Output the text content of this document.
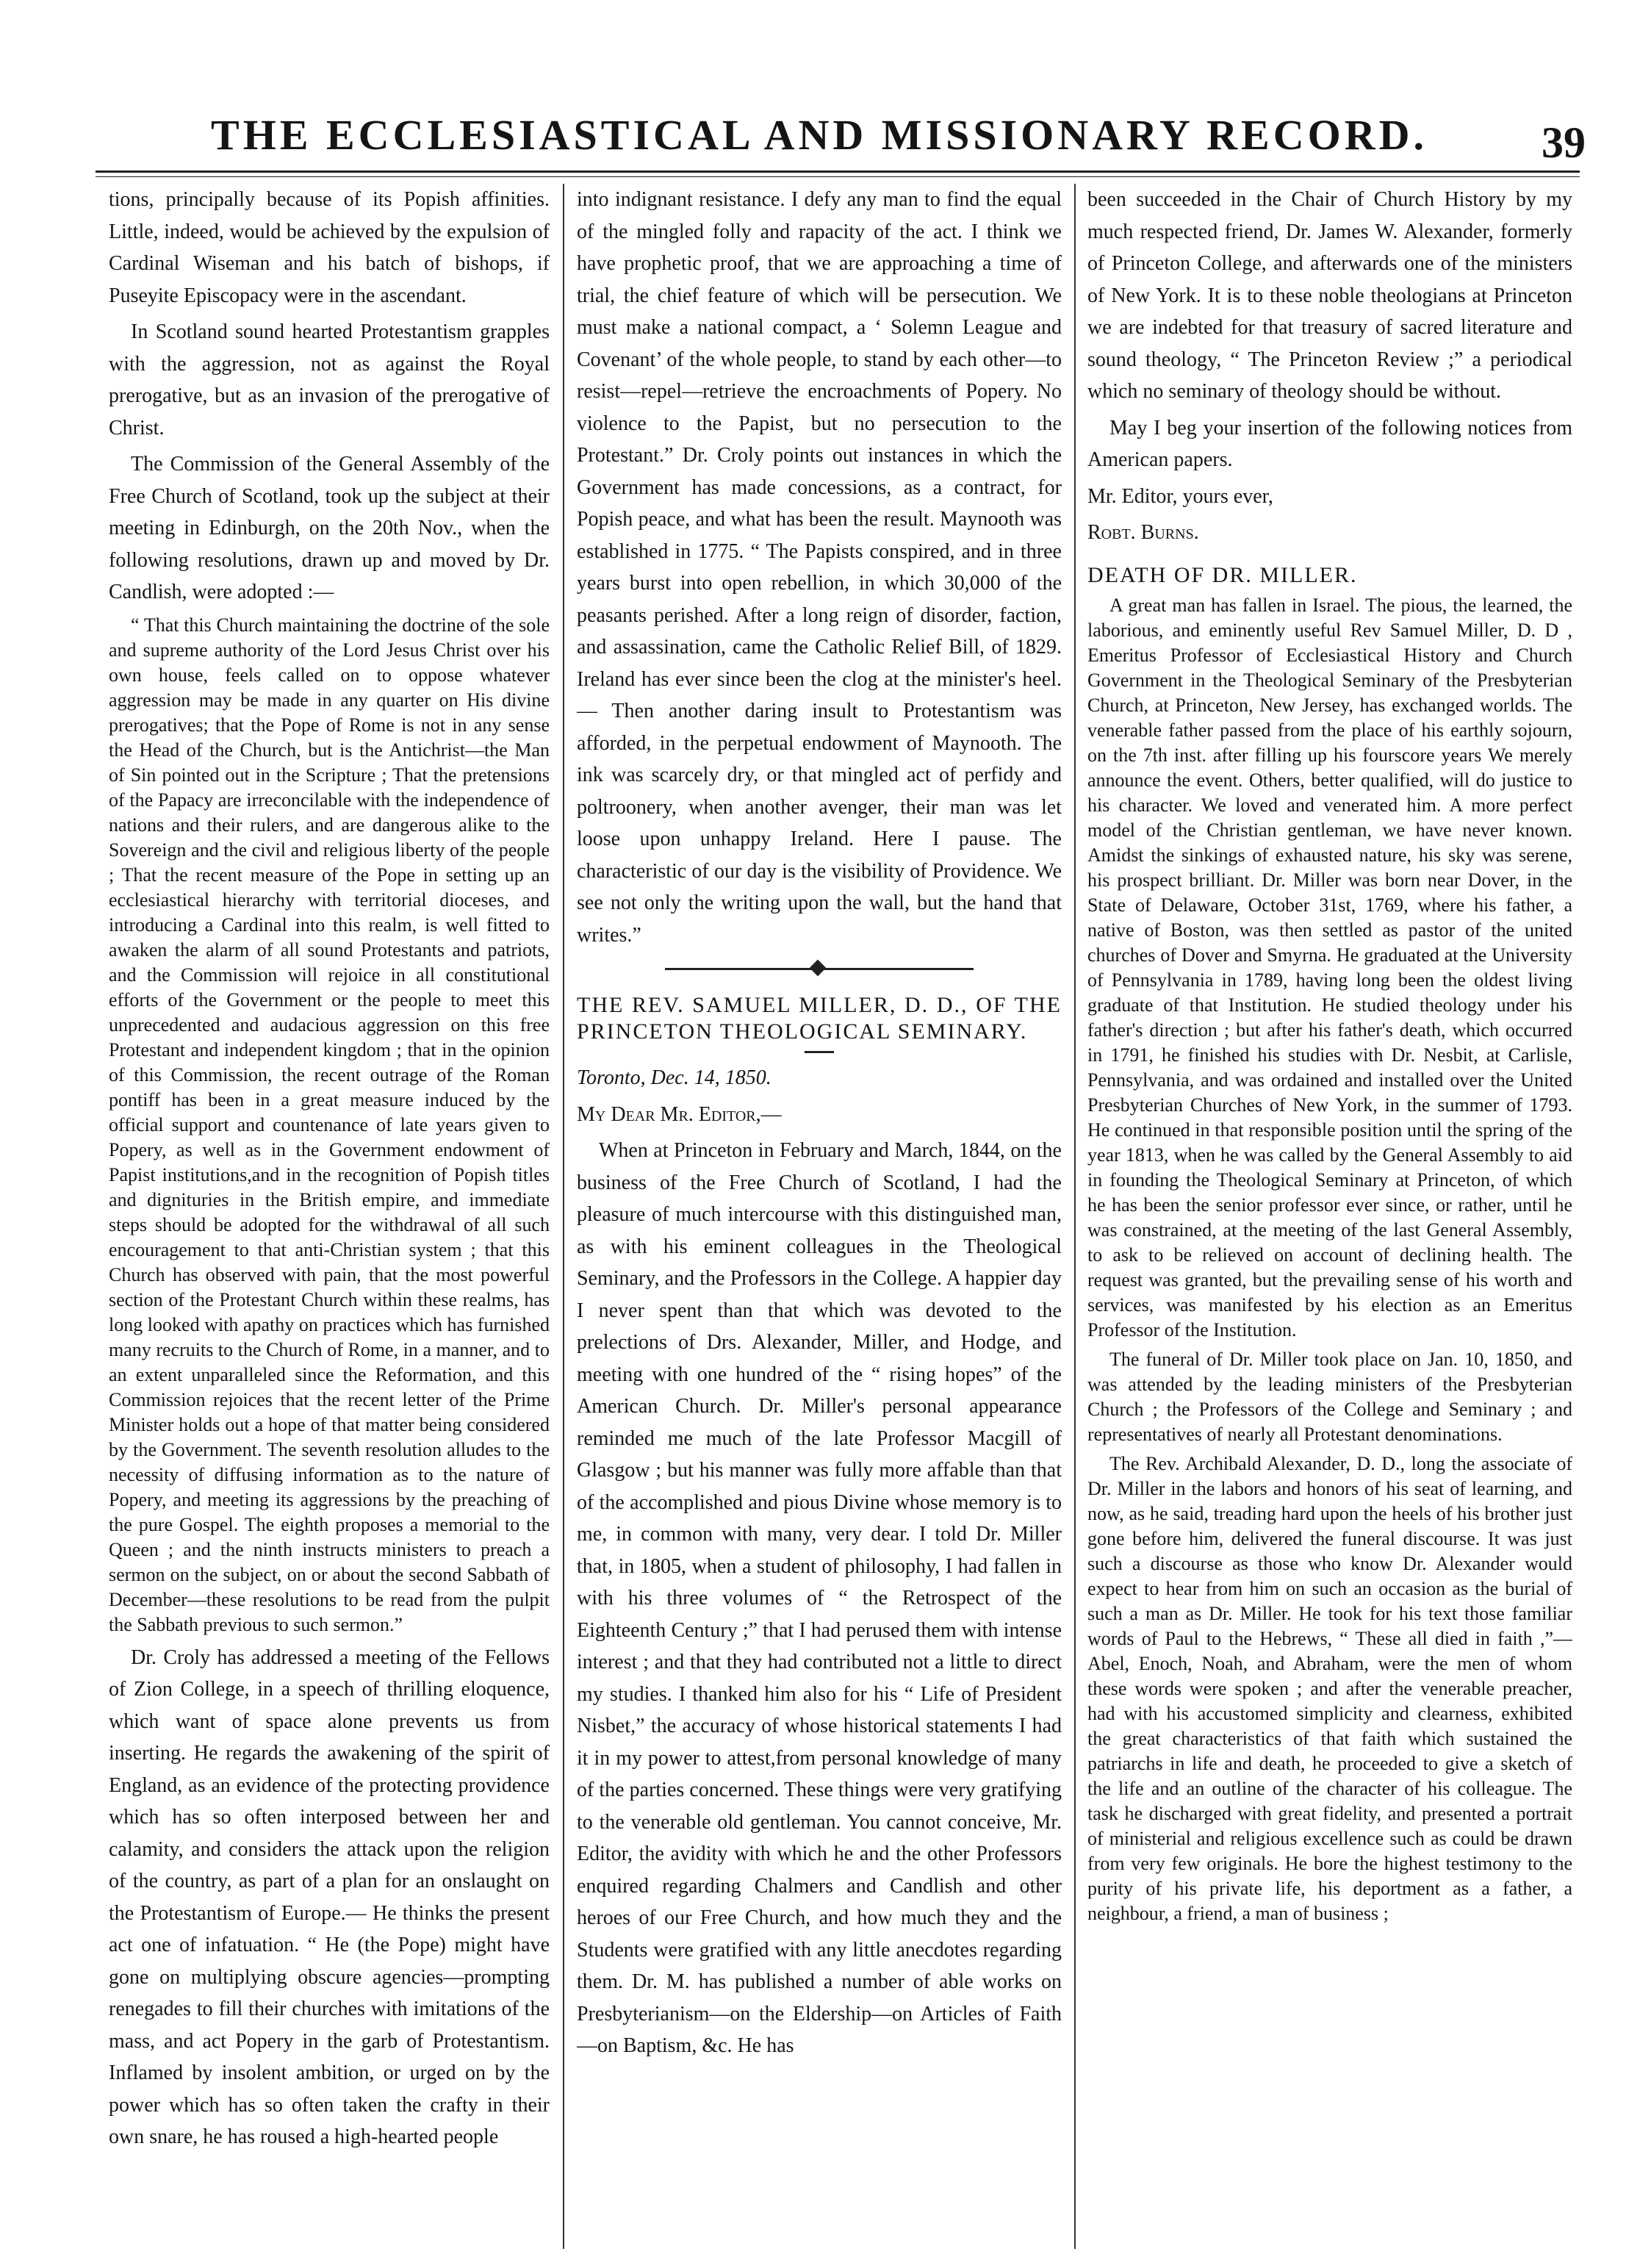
THE ECCLESIASTICAL AND MISSIONARY RECORD.	39

tions, principally because of its Popish affinities. Little, indeed, would be achieved by the expulsion of Cardinal Wiseman and his batch of bishops, if Puseyite Episcopacy were in the ascendant.

In Scotland sound hearted Protestantism grapples with the aggression, not as against the Royal prerogative, but as an invasion of the prerogative of Christ.

The Commission of the General Assembly of the Free Church of Scotland, took up the subject at their meeting in Edinburgh, on the 20th Nov., when the following resolutions, drawn up and moved by Dr. Candlish, were adopted :—

“ That this Church maintaining the doctrine of the sole and supreme authority of the Lord Jesus Christ over his own house, feels called on to oppose whatever aggression may be made in any quarter on His divine prerogatives; that the Pope of Rome is not in any sense the Head of the Church, but is the Antichrist—the Man of Sin pointed out in the Scripture ; That the pretensions of the Papacy are irreconcilable with the independence of nations and their rulers, and are dangerous alike to the Sovereign and the civil and religious liberty of the people ; That the recent measure of the Pope in setting up an ecclesiastical hierarchy with territorial dioceses, and introducing a Cardinal into this realm, is well fitted to awaken the alarm of all sound Protestants and patriots, and the Commission will rejoice in all constitutional efforts of the Government or the people to meet this unprecedented and audacious aggression on this free Protestant and independent kingdom ; that in the opinion of this Commission, the recent outrage of the Roman pontiff has been in a great measure induced by the official support and countenance of late years given to Popery, as well as in the Government endowment of Papist institutions,and in the recognition of Popish titles and dignituries in the British empire, and immediate steps should be adopted for the withdrawal of all such encouragement to that anti-Christian system ; that this Church has observed with pain, that the most powerful section of the Protestant Church within these realms, has long looked with apathy on practices which has furnished many recruits to the Church of Rome, in a manner, and to an extent unparalleled since the Reformation, and this Commission rejoices that the recent letter of the Prime Minister holds out a hope of that matter being considered by the Government. The seventh resolution alludes to the necessity of diffusing information as to the nature of Popery, and meeting its aggressions by the preaching of the pure Gospel. The eighth proposes a memorial to the Queen ; and the ninth instructs ministers to preach a sermon on the subject, on or about the second Sabbath of December—these resolutions to be read from the pulpit the Sabbath previous to such sermon.”

Dr. Croly has addressed a meeting of the Fellows of Zion College, in a speech of thrilling eloquence, which want of space alone prevents us from inserting. He regards the awakening of the spirit of England, as an evidence of the protecting providence which has so often interposed between her and calamity, and considers the attack upon the religion of the country, as part of a plan for an onslaught on the Protestantism of Europe.— He thinks the present act one of infatuation. “ He (the Pope) might have gone on multiplying obscure agencies—prompting renegades to fill their churches with imitations of the mass, and act Popery in the garb of Protestantism. Inflamed by insolent ambition, or urged on by the power which has so often taken the crafty in their own snare, he has roused a high-hearted people

into indignant resistance. I defy any man to find the equal of the mingled folly and rapacity of the act. I think we have prophetic proof, that we are approaching a time of trial, the chief feature of which will be persecution. We must make a national compact, a ‘ Solemn League and Covenant’ of the whole people, to stand by each other—to resist—repel—retrieve the encroachments of Popery. No violence to the Papist, but no persecution to the Protestant.” Dr. Croly points out instances in which the Government has made concessions, as a contract, for Popish peace, and what has been the result. Maynooth was established in 1775. “ The Papists conspired, and in three years burst into open rebellion, in which 30,000 of the peasants perished. After a long reign of disorder, faction, and assassination, came the Catholic Relief Bill, of 1829. Ireland has ever since been the clog at the minister's heel.— Then another daring insult to Protestantism was afforded, in the perpetual endowment of Maynooth. The ink was scarcely dry, or that mingled act of perfidy and poltroonery, when another avenger, their man was let loose upon unhappy Ireland. Here I pause. The characteristic of our day is the visibility of Providence. We see not only the writing upon the wall, but the hand that writes.”

THE REV. SAMUEL MILLER, D. D., OF THE PRINCETON THEOLOGICAL SEMINARY.

Toronto, Dec. 14, 1850.

My Dear Mr. Editor,—

When at Princeton in February and March, 1844, on the business of the Free Church of Scotland, I had the pleasure of much intercourse with this distinguished man, as with his eminent colleagues in the Theological Seminary, and the Professors in the College. A happier day I never spent than that which was devoted to the prelections of Drs. Alexander, Miller, and Hodge, and meeting with one hundred of the “ rising hopes” of the American Church. Dr. Miller's personal appearance reminded me much of the late Professor Macgill of Glasgow ; but his manner was fully more affable than that of the accomplished and pious Divine whose memory is to me, in common with many, very dear. I told Dr. Miller that, in 1805, when a student of philosophy, I had fallen in with his three volumes of “ the Retrospect of the Eighteenth Century ;” that I had perused them with intense interest ; and that they had contributed not a little to direct my studies. I thanked him also for his “ Life of President Nisbet,” the accuracy of whose historical statements I had it in my power to attest,from personal knowledge of many of the parties concerned. These things were very gratifying to the venerable old gentleman. You cannot conceive, Mr. Editor, the avidity with which he and the other Professors enquired regarding Chalmers and Candlish and other heroes of our Free Church, and how much they and the Students were gratified with any little anecdotes regarding them. Dr. M. has published a number of able works on Presbyterianism—on the Eldership—on Articles of Faith—on Baptism, &c. He has

been succeeded in the Chair of Church History by my much respected friend, Dr. James W. Alexander, formerly of Princeton College, and afterwards one of the ministers of New York. It is to these noble theologians at Princeton we are indebted for that treasury of sacred literature and sound theology, “ The Princeton Review ;” a periodical which no seminary of theology should be without.

May I beg your insertion of the following notices from American papers.

Mr. Editor, yours ever,

Robt. Burns.

DEATH OF DR. MILLER.

A great man has fallen in Israel. The pious, the learned, the laborious, and eminently useful Rev Samuel Miller, D. D , Emeritus Professor of Ecclesiastical History and Church Government in the Theological Seminary of the Presbyterian Church, at Princeton, New Jersey, has exchanged worlds. The venerable father passed from the place of his earthly sojourn, on the 7th inst. after filling up his fourscore years We merely announce the event. Others, better qualified, will do justice to his character. We loved and venerated him. A more perfect model of the Christian gentleman, we have never known. Amidst the sinkings of exhausted nature, his sky was serene, his prospect brilliant. Dr. Miller was born near Dover, in the State of Delaware, October 31st, 1769, where his father, a native of Boston, was then settled as pastor of the united churches of Dover and Smyrna. He graduated at the University of Pennsylvania in 1789, having long been the oldest living graduate of that Institution. He studied theology under his father's direction ; but after his father's death, which occurred in 1791, he finished his studies with Dr. Nesbit, at Carlisle, Pennsylvania, and was ordained and installed over the United Presbyterian Churches of New York, in the summer of 1793. He continued in that responsible position until the spring of the year 1813, when he was called by the General Assembly to aid in founding the Theological Seminary at Princeton, of which he has been the senior professor ever since, or rather, until he was constrained, at the meeting of the last General Assembly, to ask to be relieved on account of declining health. The request was granted, but the prevailing sense of his worth and services, was manifested by his election as an Emeritus Professor of the Institution.

The funeral of Dr. Miller took place on Jan. 10, 1850, and was attended by the leading ministers of the Presbyterian Church ; the Professors of the College and Seminary ; and representatives of nearly all Protestant denominations.

The Rev. Archibald Alexander, D. D., long the associate of Dr. Miller in the labors and honors of his seat of learning, and now, as he said, treading hard upon the heels of his brother just gone before him, delivered the funeral discourse. It was just such a discourse as those who know Dr. Alexander would expect to hear from him on such an occasion as the burial of such a man as Dr. Miller. He took for his text those familiar words of Paul to the Hebrews, “ These all died in faith ,”—Abel, Enoch, Noah, and Abraham, were the men of whom these words were spoken ; and after the venerable preacher, had with his accustomed simplicity and clearness, exhibited the great characteristics of that faith which sustained the patriarchs in life and death, he proceeded to give a sketch of the life and an outline of the character of his colleague. The task he discharged with great fidelity, and presented a portrait of ministerial and religious excellence such as could be drawn from very few originals. He bore the highest testimony to the purity of his private life, his deportment as a father, a neighbour, a friend, a man of business ;
